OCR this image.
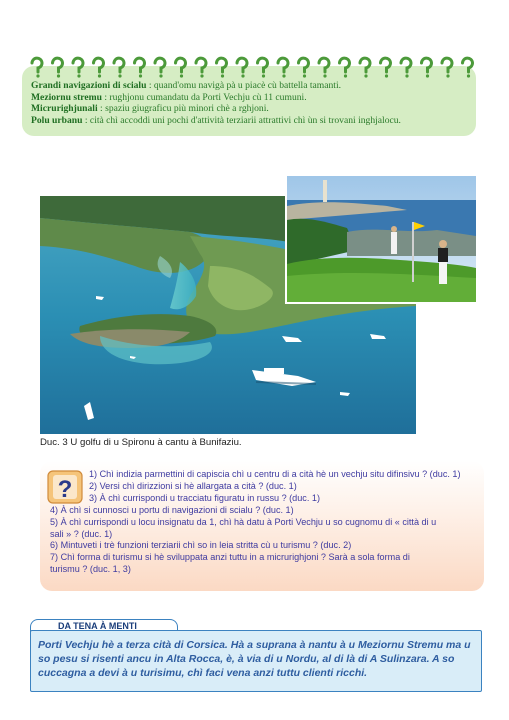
Grandi navigazioni di scialu : quand'omu navigà pà u piacè cù battella tamanti.
Meziornu stremu : rughjonu cumandatu da Porti Vechju cù 11 cumuni.
Micrurighjunali : spaziu giugraficu più minori chè a rghjoni.
Polu urbanu : cità chì accoddi uni pochi d'attività terziarii attrattivi chì ùn si trovani inghjalocu.
Duc. 3 U golfu di u Spironu à cantu à Bunifaziu.
?
1) Chì indizia parmettini di capiscia chì u centru di a cità hè un vechju situ difinsivu ? (duc. 1)
2) Versi chì dirizzioni si hè allargata a cità ? (duc. 1)
3) À chì currispondi u tracciatu figuratu in russu ? (duc. 1)
4) À chì si cunnosci u portu di navigazioni di scialu ? (duc. 1)
5) À chì currispondi u locu insignatu da 1, chì hà datu à Porti Vechju u so cugnomu di « città di u
sali » ? (duc. 1)
6) Mintuveti i trè funzioni terziarii chì so in leia stritta cù u turismu ? (duc. 2)
7) Chì forma di turismu si hè sviluppata anzi tuttu in a micrurighjoni ? Sarà a sola forma di
turismu ? (duc. 1, 3)
DA TENA À MENTI
Porti Vechju hè a terza cità di Corsica. Hà a suprana à nantu à u Meziornu Stremu ma u
so pesu si risenti ancu in Alta Rocca, è, à via di u Nordu, al di là di A Sulinzara. A so
cuccagna a devi à u turisimu, chì faci vena anzi tuttu clienti ricchi.
